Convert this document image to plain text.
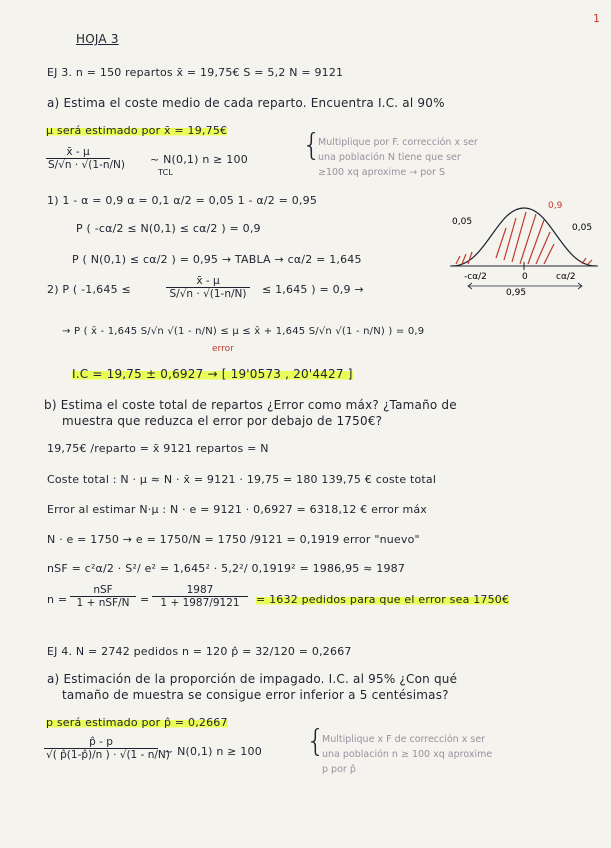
1
HOJA 3
EJ 3. n = 150 repartos x̄ = 19,75€ S = 5,2 N = 9121
a) Estima el coste medio de cada reparto. Encuentra I.C. al 90%
μ será estimado por x̄ = 19,75€
$\frac{x̄ - \mu}{S/√n \cdot √(1-n/N)}$	~ N(0,1) n ≥ 100
TCL
{
Multiplique por F. corrección x ser
una población N tiene que ser
≥100 xq aproxime → por S
1) 1 - α = 0,9 α = 0,1 α/2 = 0,05 1 - α/2 = 0,95
P ( -cα/2 ≤ N(0,1) ≤ cα/2 ) = 0,9
P ( N(0,1) ≤ cα/2 ) = 0,95 → TABLA → cα/2 = 1,645
2) P ( -1,645 ≤	$\frac{x̄ - \mu}{S/√n \cdot √(1-n/N)} \le 1,645$ ) = 0,9 →
→ P ( x̄ - 1,645 S/√n √(1 - n/N) ≤ μ ≤ x̄ + 1,645 S/√n √(1 - n/N) ) = 0,9
error
I.C = 19,75 ± 0,6927 → [ 19'0573 , 20'4427 ]
0,9
0,05
0,05
-cα/2	0	cα/2
0,95
b) Estima el coste total de repartos ¿Error como máx? ¿Tamaño de
muestra que reduzca el error por debajo de 1750€?
19,75€ /reparto = x̄ 9121 repartos = N
Coste total : N · μ ≈ N · x̄ = 9121 · 19,75 = 180 139,75 € coste total
Error al estimar N·μ : N · e = 9121 · 0,6927 = 6318,12 € error máx
N · e = 1750 → e = 1750/N = 1750 /9121 = 0,1919 error "nuevo"
nSF = c²α/2 · S²/ e² = 1,645² · 5,2²/ 0,1919² = 1986,95 ≈ 1987
n =
nSF
$1 + nSF/N = \frac{1987}{1 + 1987/9121} = 1632$ pedidos para que el error sea 1750€
EJ 4. N = 2742 pedidos n = 120 p̂ = 32/120 = 0,2667
a) Estimación de la proporción de impagado. I.C. al 95% ¿Con qué
tamaño de muestra se consigue error inferior a 5 centésimas?
p será estimado por p̂ = 0,2667
$\frac{p̂ - p}{√( p̂(1-p̂)/n ) \cdot √(1 - n/N)}$ ~ N(0,1) n ≥ 100 {
Multiplique x F de corrección x ser
una población n ≥ 100 xq aproxime
p por p̂
